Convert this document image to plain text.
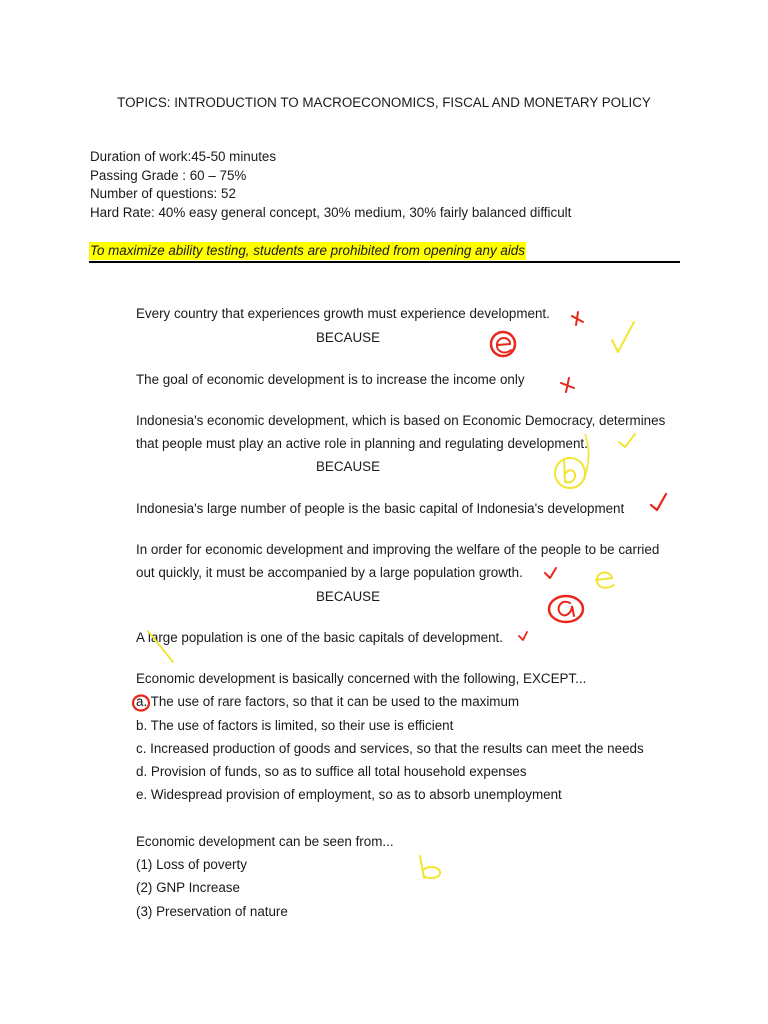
TOPICS: INTRODUCTION TO MACROECONOMICS, FISCAL AND MONETARY POLICY
Duration of work:45-50 minutes
Passing Grade : 60 – 75%
Number of questions: 52
Hard Rate: 40% easy general concept, 30% medium, 30% fairly balanced difficult
To maximize ability testing, students are prohibited from opening any aids
Every country that experiences growth must experience development.
BECAUSE
The goal of economic development is to increase the income only
Indonesia's economic development, which is based on Economic Democracy, determines
that people must play an active role in planning and regulating development.
BECAUSE
Indonesia's large number of people is the basic capital of Indonesia's development
In order for economic development and improving the welfare of the people to be carried
out quickly, it must be accompanied by a large population growth.
BECAUSE
A large population is one of the basic capitals of development.
Economic development is basically concerned with the following, EXCEPT...
a. The use of rare factors, so that it can be used to the maximum
b. The use of factors is limited, so their use is efficient
c. Increased production of goods and services, so that the results can meet the needs
d. Provision of funds, so as to suffice all total household expenses
e. Widespread provision of employment, so as to absorb unemployment
Economic development can be seen from...
(1) Loss of poverty
(2) GNP Increase
(3) Preservation of nature
